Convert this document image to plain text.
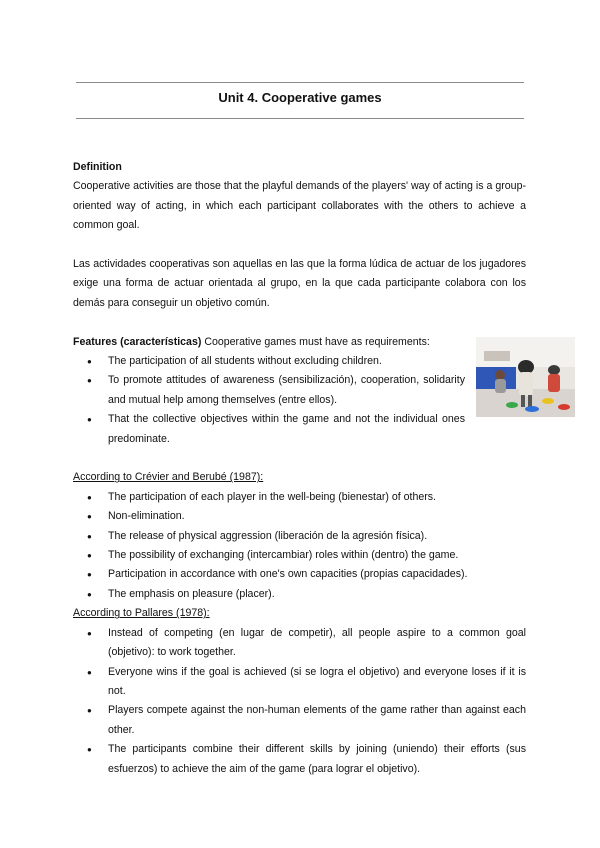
Unit 4. Cooperative games

Definition

Cooperative activities are those that the playful demands of the players' way of acting is a group-oriented way of acting, in which each participant collaborates with the others to achieve a common goal.

Las actividades cooperativas son aquellas en las que la forma lúdica de actuar de los jugadores exige una forma de actuar orientada al grupo, en la que cada participante colabora con los demás para conseguir un objetivo común.

Features (características) Cooperative games must have as requirements:

● The participation of all students without excluding children.
● To promote attitudes of awareness (sensibilización), cooperation, solidarity and mutual help among themselves (entre ellos).
● That the collective objectives within the game and not the individual ones predominate.

According to Crévier and Berubé (1987):

● The participation of each player in the well-being (bienestar) of others.
● Non-elimination.
● The release of physical aggression (liberación de la agresión física).
● The possibility of exchanging (intercambiar) roles within (dentro) the game.
● Participation in accordance with one's own capacities (propias capacidades).
● The emphasis on pleasure (placer).

According to Pallares (1978):

● Instead of competing (en lugar de competir), all people aspire to a common goal (objetivo): to work together.
● Everyone wins if the goal is achieved (si se logra el objetivo) and everyone loses if it is not.
● Players compete against the non-human elements of the game rather than against each other.
● The participants combine their different skills by joining (uniendo) their efforts (sus esfuerzos) to achieve the aim of the game (para lograr el objetivo).
